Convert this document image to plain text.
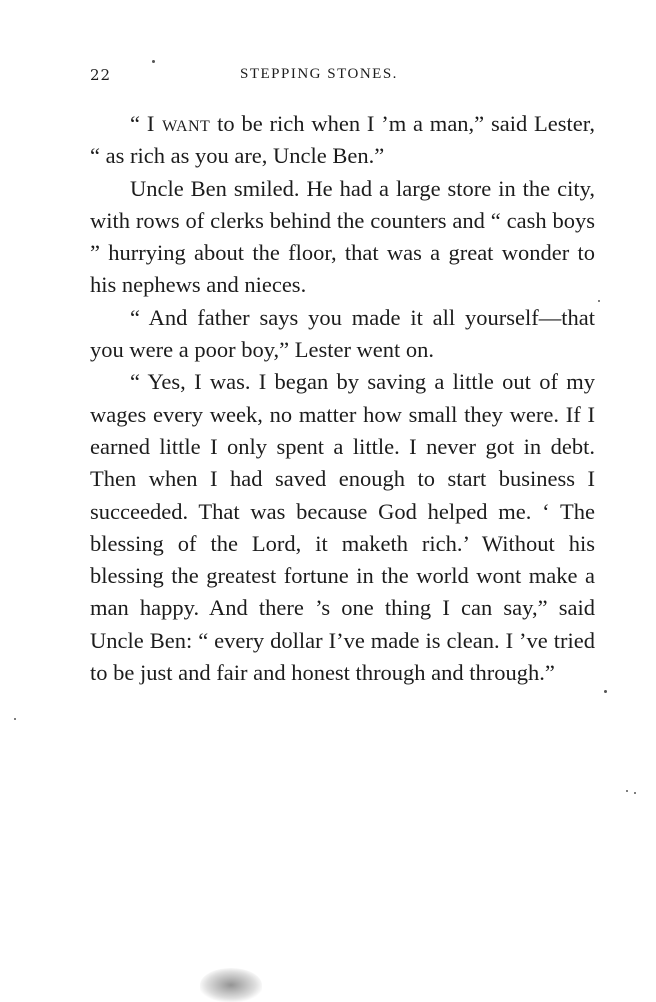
22	STEPPING STONES.

“ I want to be rich when I ’m a man,” said Lester, “ as rich as you are, Uncle Ben.”

Uncle Ben smiled. He had a large store in the city, with rows of clerks behind the counters and “ cash boys ” hurrying about the floor, that was a great wonder to his nephews and nieces.

“ And father says you made it all yourself—that you were a poor boy,” Lester went on.

“ Yes, I was. I began by saving a little out of my wages every week, no matter how small they were. If I earned little I only spent a little. I never got in debt. Then when I had saved enough to start business I succeeded. That was because God helped me. ‘ The blessing of the Lord, it maketh rich.’ Without his blessing the greatest fortune in the world wont make a man happy. And there ’s one thing I can say,” said Uncle Ben: “ every dollar I’ve made is clean. I ’ve tried to be just and fair and honest through and through.”
